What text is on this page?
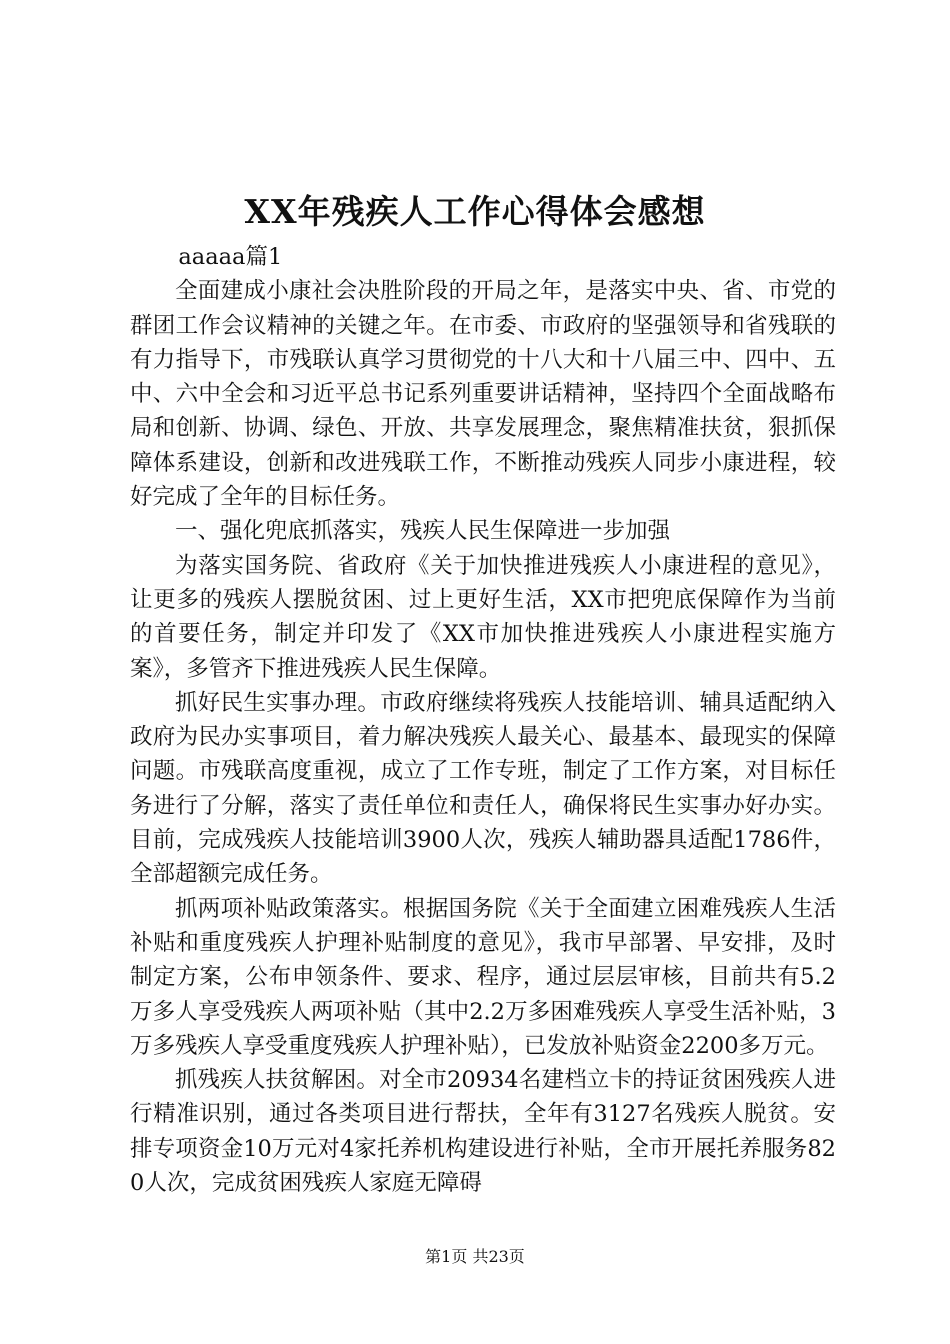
XX年残疾人工作心得体会感想

aaaaa篇1

全面建成小康社会决胜阶段的开局之年，是落实中央、省、市党的群团工作会议精神的关键之年。在市委、市政府的坚强领导和省残联的有力指导下，市残联认真学习贯彻党的十八大和十八届三中、四中、五中、六中全会和习近平总书记系列重要讲话精神，坚持四个全面战略布局和创新、协调、绿色、开放、共享发展理念，聚焦精准扶贫，狠抓保障体系建设，创新和改进残联工作，不断推动残疾人同步小康进程，较好完成了全年的目标任务。

一、强化兜底抓落实，残疾人民生保障进一步加强

为落实国务院、省政府《关于加快推进残疾人小康进程的意见》，让更多的残疾人摆脱贫困、过上更好生活，XX市把兜底保障作为当前的首要任务，制定并印发了《XX市加快推进残疾人小康进程实施方案》，多管齐下推进残疾人民生保障。

抓好民生实事办理。市政府继续将残疾人技能培训、辅具适配纳入政府为民办实事项目，着力解决残疾人最关心、最基本、最现实的保障问题。市残联高度重视，成立了工作专班，制定了工作方案，对目标任务进行了分解，落实了责任单位和责任人，确保将民生实事办好办实。目前，完成残疾人技能培训3900人次，残疾人辅助器具适配1786件，全部超额完成任务。

抓两项补贴政策落实。根据国务院《关于全面建立困难残疾人生活补贴和重度残疾人护理补贴制度的意见》，我市早部署、早安排，及时制定方案，公布申领条件、要求、程序，通过层层审核，目前共有5.2万多人享受残疾人两项补贴（其中2.2万多困难残疾人享受生活补贴，3万多残疾人享受重度残疾人护理补贴），已发放补贴资金2200多万元。

抓残疾人扶贫解困。对全市20934名建档立卡的持证贫困残疾人进行精准识别，通过各类项目进行帮扶，全年有3127名残疾人脱贫。安排专项资金10万元对4家托养机构建设进行补贴，全市开展托养服务820人次，完成贫困残疾人家庭无障碍

第1页 共23页
